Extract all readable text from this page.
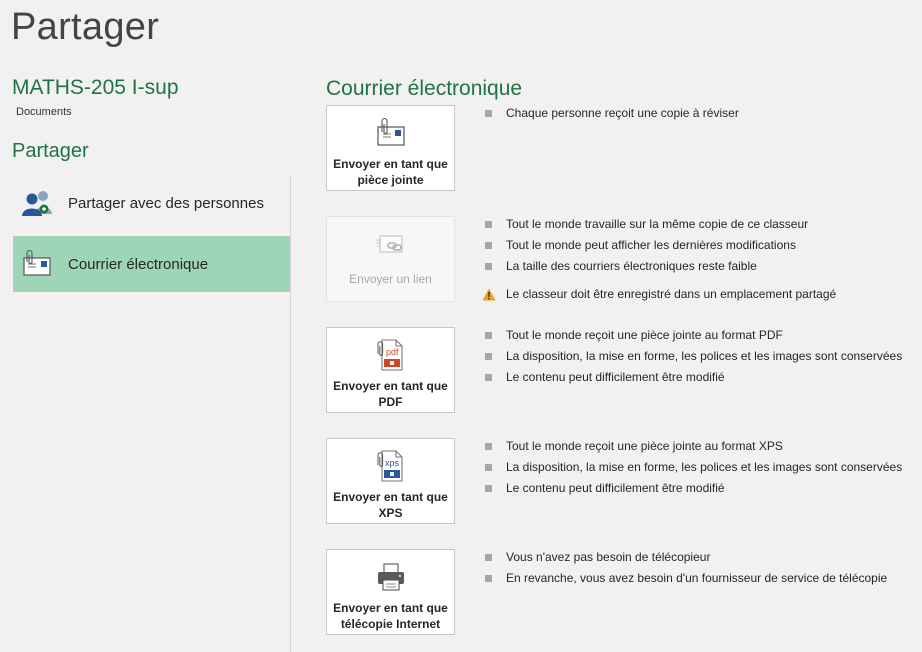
Partager
MATHS-205 I-sup
Documents
Partager
Partager avec des personnes
Courrier électronique
Courrier électronique
Envoyer en tant que
pièce jointe
Chaque personne reçoit une copie à réviser
Envoyer un lien
Tout le monde travaille sur la même copie de ce classeur
Tout le monde peut afficher les dernières modifications
La taille des courriers électroniques reste faible
Le classeur doit être enregistré dans un emplacement partagé
pdf
Envoyer en tant que
PDF
Tout le monde reçoit une pièce jointe au format PDF
La disposition, la mise en forme, les polices et les images sont conservées
Le contenu peut difficilement être modifié
xps
Envoyer en tant que
XPS
Tout le monde reçoit une pièce jointe au format XPS
La disposition, la mise en forme, les polices et les images sont conservées
Le contenu peut difficilement être modifié
Envoyer en tant que
télécopie Internet
Vous n'avez pas besoin de télécopieur
En revanche, vous avez besoin d'un fournisseur de service de télécopie
